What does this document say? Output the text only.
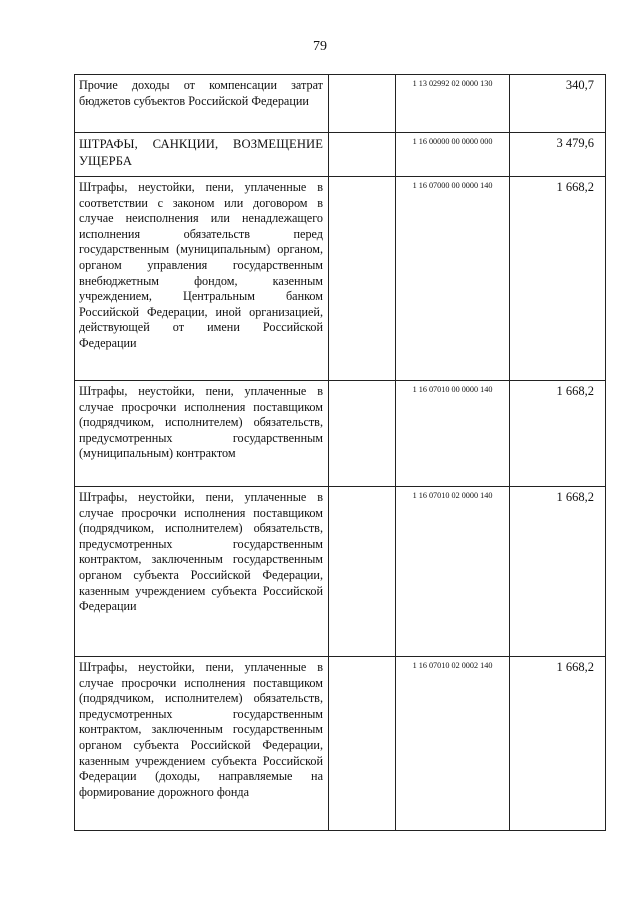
79
Прочие доходы от компенсации затрат бюджетов субъектов Российской Федерации		1 13 02992 02 0000 130	340,7
ШТРАФЫ, САНКЦИИ, ВОЗМЕЩЕНИЕ УЩЕРБА		1 16 00000 00 0000 000	3 479,6
Штрафы, неустойки, пени, уплаченные в соответствии с законом или договором в случае неисполнения или ненадлежащего исполнения обязательств перед государственным (муниципальным) органом, органом управления государственным внебюджетным фондом, казенным учреждением, Центральным банком Российской Федерации, иной организацией, действующей от имени Российской Федерации		1 16 07000 00 0000 140	1 668,2
Штрафы, неустойки, пени, уплаченные в случае просрочки исполнения поставщиком (подрядчиком, исполнителем) обязательств, предусмотренных государственным (муниципальным) контрактом		1 16 07010 00 0000 140	1 668,2
Штрафы, неустойки, пени, уплаченные в случае просрочки исполнения поставщиком (подрядчиком, исполнителем) обязательств, предусмотренных государственным контрактом, заключенным государственным органом субъекта Российской Федерации, казенным учреждением субъекта Российской Федерации		1 16 07010 02 0000 140	1 668,2
Штрафы, неустойки, пени, уплаченные в случае просрочки исполнения поставщиком (подрядчиком, исполнителем) обязательств, предусмотренных государственным контрактом, заключенным государственным органом субъекта Российской Федерации, казенным учреждением субъекта Российской Федерации (доходы, направляемые на формирование дорожного фонда		1 16 07010 02 0002 140	1 668,2
